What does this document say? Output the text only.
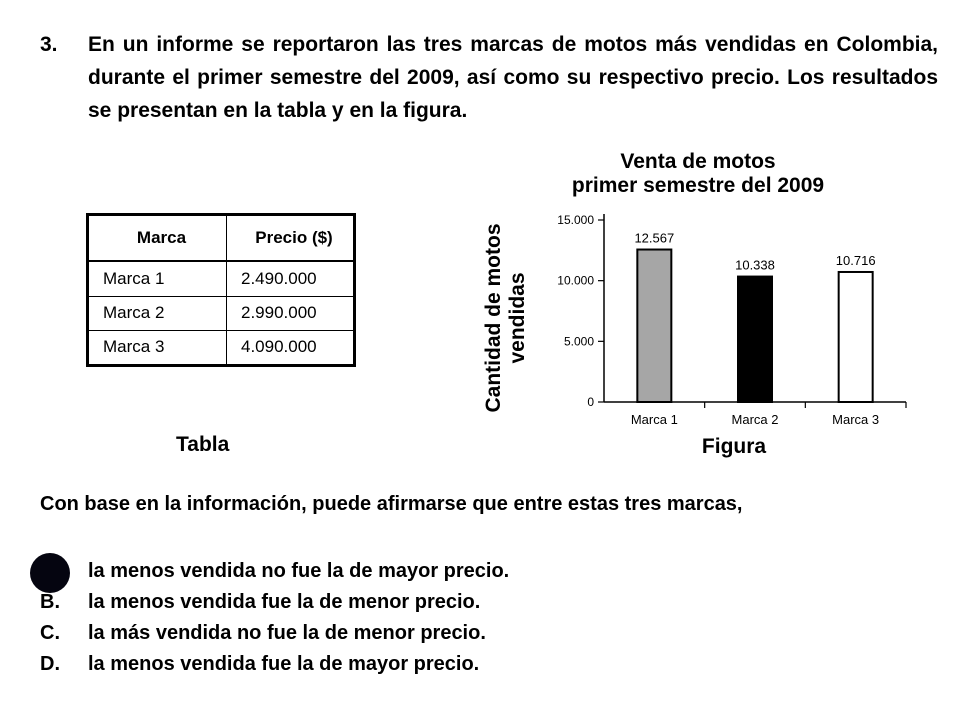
3. En un informe se reportaron las tres marcas de motos más vendidas en Colombia, durante el primer semestre del 2009, así como su respectivo precio. Los resultados se presentan en la tabla y en la figura.
Marca	Precio ($)
Marca 1	2.490.000
Marca 2	2.990.000
Marca 3	4.090.000
Tabla
Venta de motos
primer semestre del 2009
Cantidad de motosvendidas
Figura
0
5.000
10.000
15.000
12.567
Marca 1
10.338
Marca 2
10.716
Marca 3
Con base en la información, puede afirmarse que entre estas tres marcas,
la menos vendida no fue la de mayor precio.
B.	la menos vendida fue la de menor precio.
C.	la más vendida no fue la de menor precio.
D.	la menos vendida fue la de mayor precio.
